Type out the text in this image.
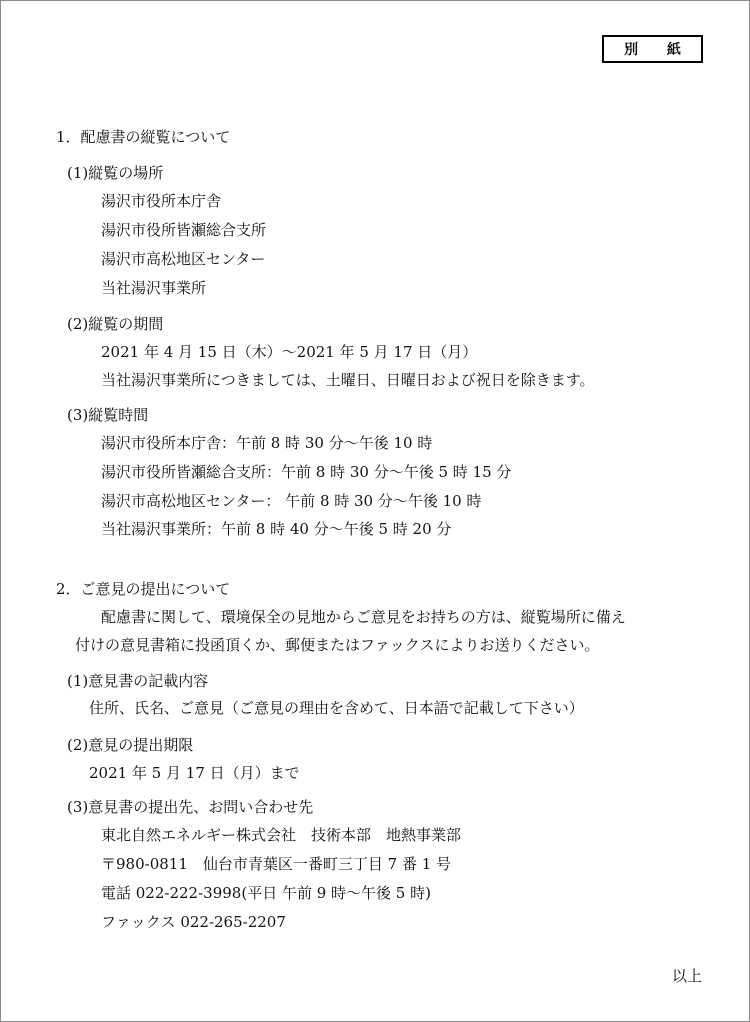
別 紙
1．配慮書の縦覧について
(1)縦覧の場所
湯沢市役所本庁舎
湯沢市役所皆瀬総合支所
湯沢市高松地区センター
当社湯沢事業所
(2)縦覧の期間
2021 年 4 月 15 日（木）～2021 年 5 月 17 日（月）
当社湯沢事業所につきましては、土曜日、日曜日および祝日を除きます。
(3)縦覧時間
湯沢市役所本庁舎：午前 8 時 30 分～午後 10 時
湯沢市役所皆瀬総合支所：午前 8 時 30 分～午後 5 時 15 分
湯沢市高松地区センター： 午前 8 時 30 分～午後 10 時
当社湯沢事業所：午前 8 時 40 分～午後 5 時 20 分
2．ご意見の提出について
配慮書に関して、環境保全の見地からご意見をお持ちの方は、縦覧場所に備え
付けの意見書箱に投函頂くか、郵便またはファックスによりお送りください。
(1)意見書の記載内容
住所、氏名、ご意見（ご意見の理由を含めて、日本語で記載して下さい）
(2)意見の提出期限
2021 年 5 月 17 日（月）まで
(3)意見書の提出先、お問い合わせ先
東北自然エネルギー株式会社　技術本部　地熱事業部
〒980-0811　仙台市青葉区一番町三丁目 7 番 1 号
電話 022-222-3998(平日 午前 9 時～午後 5 時)
ファックス 022-265-2207
以上
